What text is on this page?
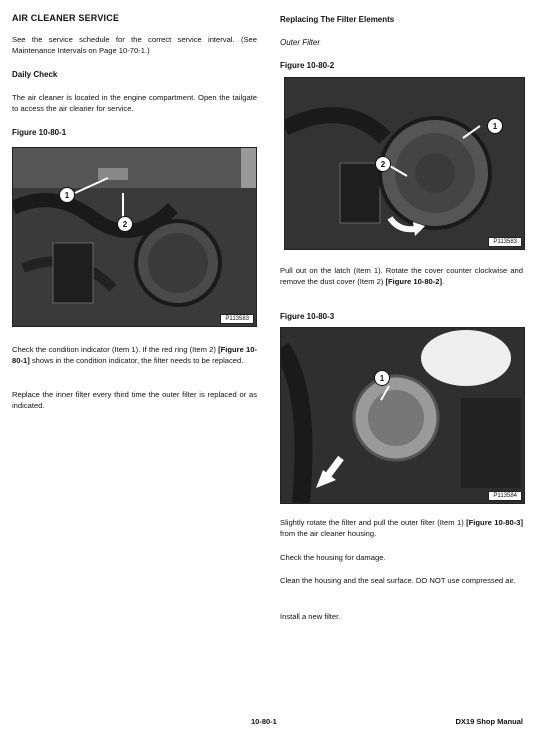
AIR CLEANER SERVICE

See the service schedule for the correct service interval. (See Maintenance Intervals on Page 10-70-1.)

Daily Check

The air cleaner is located in the engine compartment. Open the tailgate to access the air cleaner for service.

Figure 10-80-1
1
2
P113583

Check the condition indicator (Item 1). If the red ring (Item 2) [Figure 10-80-1] shows in the condition indicator, the filter needs to be replaced.

Replace the inner filter every third time the outer filter is replaced or as indicated.

Replacing The Filter Elements
Outer Filter
Figure 10-80-2
1
2
P113583

Pull out on the latch (Item 1). Rotate the cover counter clockwise and remove the dust cover (Item 2) [Figure 10-80-2].

Figure 10-80-3
1
P113584

Slightly rotate the filter and pull the outer filter (Item 1) [Figure 10-80-3] from the air cleaner housing.

Check the housing for damage.

Clean the housing and the seal surface. DO NOT use compressed air.

Install a new filter.

10-80-1	DX19 Shop Manual
